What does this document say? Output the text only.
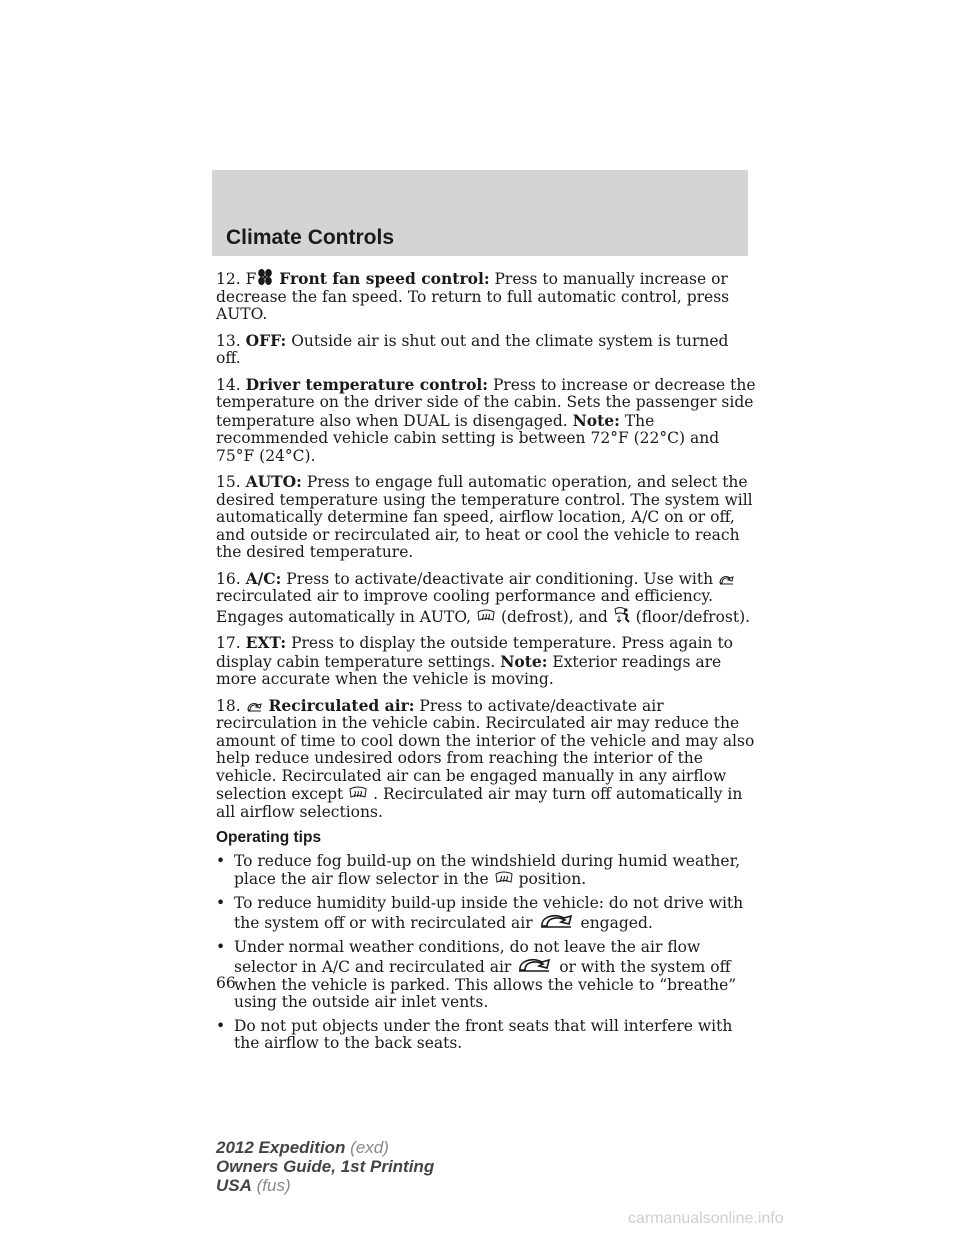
Climate Controls

12. F Front fan speed control: Press to manually increase or decrease the fan speed. To return to full automatic control, press AUTO.

13. OFF: Outside air is shut out and the climate system is turned off.

14. Driver temperature control: Press to increase or decrease the temperature on the driver side of the cabin. Sets the passenger side temperature also when DUAL is disengaged. Note: The recommended vehicle cabin setting is between 72°F (22°C) and 75°F (24°C).

15. AUTO: Press to engage full automatic operation, and select the desired temperature using the temperature control. The system will automatically determine fan speed, airflow location, A/C on or off, and outside or recirculated air, to heat or cool the vehicle to reach the desired temperature.

16. A/C: Press to activate/deactivate air conditioning. Use with
recirculated air to improve cooling performance and efficiency. Engages automatically in AUTO, (defrost), and (floor/defrost).

17. EXT: Press to display the outside temperature. Press again to display cabin temperature settings. Note: Exterior readings are more accurate when the vehicle is moving.

18. Recirculated air: Press to activate/deactivate air recirculation in the vehicle cabin. Recirculated air may reduce the amount of time to cool down the interior of the vehicle and may also help reduce undesired odors from reaching the interior of the vehicle. Recirculated air can be engaged manually in any airflow selection except . Recirculated air may turn off automatically in all airflow selections.

Operating tips
• To reduce fog build-up on the windshield during humid weather, place the air flow selector in the position.
• To reduce humidity build-up inside the vehicle: do not drive with the system off or with recirculated air	engaged.
• Under normal weather conditions, do not leave the air flow selector in A/C and recirculated air	or with the system off when the vehicle is parked. This allows the vehicle to “breathe” using the outside air inlet vents.
• Do not put objects under the front seats that will interfere with the airflow to the back seats.
66
2012 Expedition (exd)
Owners Guide, 1st Printing
USA (fus)
carmanualsonline.info
